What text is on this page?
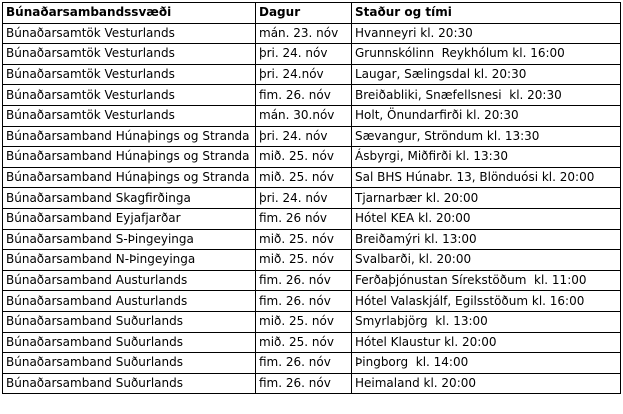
Búnaðarsambandssvæði	Dagur	Staður og tími
Búnaðarsamtök Vesturlands	mán. 23. nóv	Hvanneyri kl. 20:30
Búnaðarsamtök Vesturlands	þri. 24. nóv	Grunnskólinn  Reykhólum kl. 16:00
Búnaðarsamtök Vesturlands	þri. 24.nóv	Laugar, Sælingsdal kl. 20:30
Búnaðarsamtök Vesturlands	fim. 26. nóv	Breiðabliki, Snæfellsnesi  kl. 20:30
Búnaðarsamtök Vesturlands	mán. 30.nóv	Holt, Önundarfirði kl. 20:30
Búnaðarsamband Húnaþings og Stranda	þri. 24. nóv	Sævangur, Ströndum kl. 13:30
Búnaðarsamband Húnaþings og Stranda	mið. 25. nóv	Ásbyrgi, Miðfirði kl. 13:30
Búnaðarsamband Húnaþings og Stranda	mið. 25. nóv	Sal BHS Húnabr. 13, Blönduósi kl. 20:00
Búnaðarsamband Skagfirðinga	þri. 24. nóv	Tjarnarbær kl. 20:00
Búnaðarsamband Eyjafjarðar	fim. 26 nóv	Hótel KEA kl. 20:00
Búnaðarsamband S-Þingeyinga	mið. 25. nóv	Breiðamýri kl. 13:00
Búnaðarsamband N-Þingeyinga	mið. 25. nóv	Svalbarði, kl. 20:00
Búnaðarsamband Austurlands	fim. 26. nóv	Ferðaþjónustan Sírekstöðum  kl. 11:00
Búnaðarsamband Austurlands	fim. 26. nóv	Hótel Valaskjálf, Egilsstöðum kl. 16:00
Búnaðarsamband Suðurlands	mið. 25. nóv	Smyrlabjörg  kl. 13:00
Búnaðarsamband Suðurlands	mið. 25. nóv	Hótel Klaustur kl. 20:00
Búnaðarsamband Suðurlands	fim. 26. nóv	Þingborg  kl. 14:00
Búnaðarsamband Suðurlands	fim. 26. nóv	Heimaland kl. 20:00
